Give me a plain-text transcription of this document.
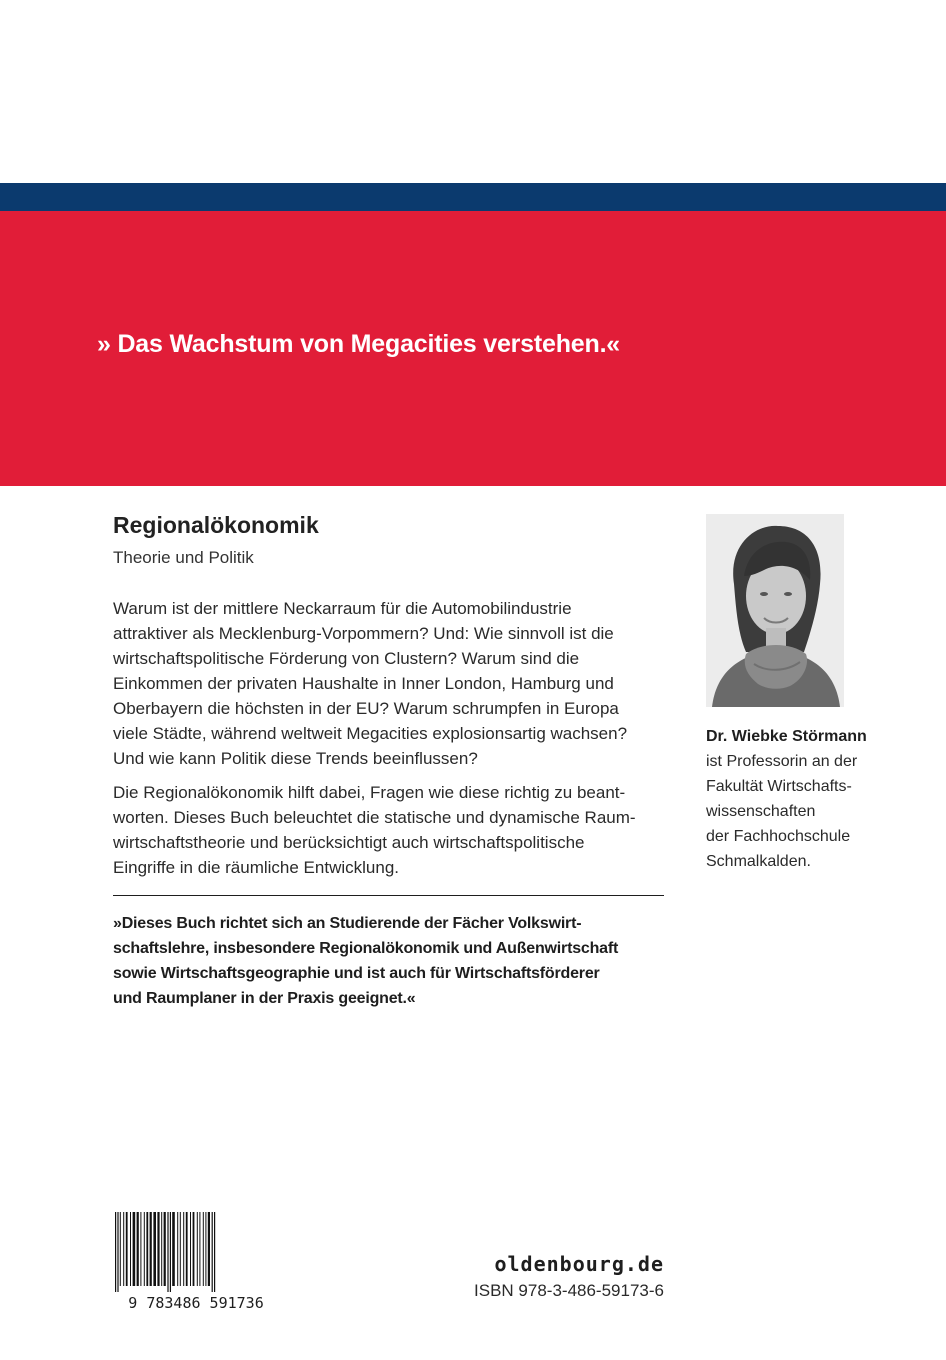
» Das Wachstum von Megacities verstehen.«

Regionalökonomik

Theorie und Politik

Warum ist der mittlere Neckarraum für die Automobilindustrie
attraktiver als Mecklenburg-Vorpommern? Und: Wie sinnvoll ist die
wirtschaftspolitische Förderung von Clustern? Warum sind die
Einkommen der privaten Haushalte in Inner London, Hamburg und
Oberbayern die höchsten in der EU? Warum schrumpfen in Europa
viele Städte, während weltweit Megacities explosionsartig wachsen?
Und wie kann Politik diese Trends beeinflussen?

Die Regionalökonomik hilft dabei, Fragen wie diese richtig zu beant-
worten. Dieses Buch beleuchtet die statische und dynamische Raum-
wirtschaftstheorie und berücksichtigt auch wirtschaftspolitische
Eingriffe in die räumliche Entwicklung.

»Dieses Buch richtet sich an Studierende der Fächer Volkswirt-
schaftslehre, insbesondere Regionalökonomik und Außenwirtschaft
sowie Wirtschaftsgeographie und ist auch für Wirtschaftsförderer
und Raumplaner in der Praxis geeignet.«

Dr. Wiebke Störmann
ist Professorin an der
Fakultät Wirtschafts-
wissenschaften
der Fachhochschule
Schmalkalden.
9 783486 591736
oldenbourg.de
ISBN 978-3-486-59173-6
